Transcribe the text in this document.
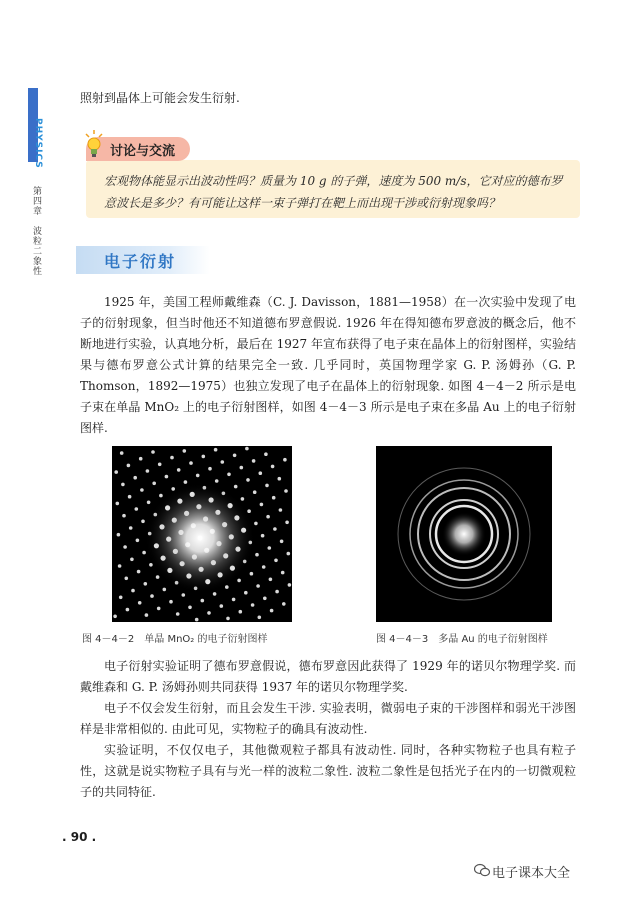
PHYSICS
第四章　波粒二象性

照射到晶体上可能会发生衍射.

讨论与交流

宏观物体能显示出波动性吗？质量为 10 g 的子弹，速度为 500 m/s，它对应的德布罗意波长是多少？有可能让这样一束子弹打在靶上而出现干涉或衍射现象吗？

电子衍射

1925 年，美国工程师戴维森（C. J. Davisson，1881—1958）在一次实验中发现了电子的衍射现象，但当时他还不知道德布罗意假说. 1926 年在得知德布罗意波的概念后，他不断地进行实验，认真地分析，最后在 1927 年宣布获得了电子束在晶体上的衍射图样，实验结果与德布罗意公式计算的结果完全一致. 几乎同时，英国物理学家 G. P. 汤姆孙（G. P. Thomson，1892—1975）也独立发现了电子在晶体上的衍射现象. 如图 4－4－2 所示是电子束在单晶 MnO₂ 上的电子衍射图样，如图 4－4－3 所示是电子束在多晶 Au 上的电子衍射图样.

图 4－4－2　单晶 MnO₂ 的电子衍射图样	图 4－4－3　多晶 Au 的电子衍射图样

电子衍射实验证明了德布罗意假说，德布罗意因此获得了 1929 年的诺贝尔物理学奖. 而戴维森和 G. P. 汤姆孙则共同获得 1937 年的诺贝尔物理学奖.

电子不仅会发生衍射，而且会发生干涉. 实验表明，微弱电子束的干涉图样和弱光干涉图样是非常相似的. 由此可见，实物粒子的确具有波动性.

实验证明，不仅仅电子，其他微观粒子都具有波动性. 同时，各种实物粒子也具有粒子性，这就是说实物粒子具有与光一样的波粒二象性. 波粒二象性是包括光子在内的一切微观粒子的共同特征.

. 90 .
电子课本大全
